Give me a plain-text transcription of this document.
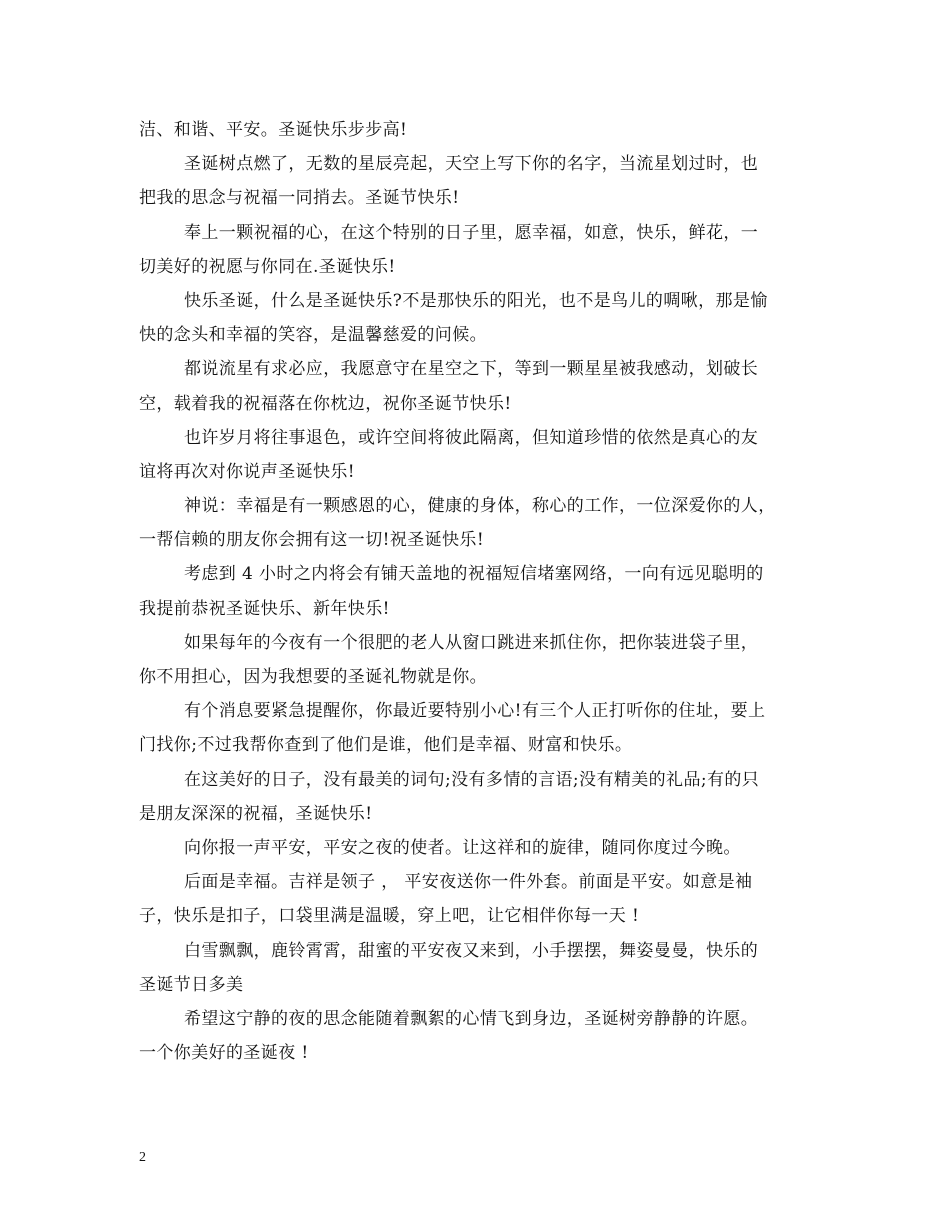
洁、和谐、平安。圣诞快乐步步高!
圣诞树点燃了，无数的星辰亮起，天空上写下你的名字，当流星划过时，也
把我的思念与祝福一同捎去。圣诞节快乐!
奉上一颗祝福的心，在这个特别的日子里，愿幸福，如意，快乐，鲜花，一
切美好的祝愿与你同在.圣诞快乐!
快乐圣诞，什么是圣诞快乐?不是那快乐的阳光，也不是鸟儿的啁啾，那是愉
快的念头和幸福的笑容，是温馨慈爱的问候。
都说流星有求必应，我愿意守在星空之下，等到一颗星星被我感动，划破长
空，载着我的祝福落在你枕边，祝你圣诞节快乐!
也许岁月将往事退色，或许空间将彼此隔离，但知道珍惜的依然是真心的友
谊将再次对你说声圣诞快乐!
神说：幸福是有一颗感恩的心，健康的身体，称心的工作，一位深爱你的人，
一帮信赖的朋友你会拥有这一切!祝圣诞快乐!
考虑到 4 小时之内将会有铺天盖地的祝福短信堵塞网络，一向有远见聪明的
我提前恭祝圣诞快乐、新年快乐!
如果每年的今夜有一个很肥的老人从窗口跳进来抓住你，把你装进袋子里，
你不用担心，因为我想要的圣诞礼物就是你。
有个消息要紧急提醒你，你最近要特别小心!有三个人正打听你的住址，要上
门找你;不过我帮你查到了他们是谁，他们是幸福、财富和快乐。
在这美好的日子，没有最美的词句;没有多情的言语;没有精美的礼品;有的只
是朋友深深的祝福，圣诞快乐!
向你报一声平安，平安之夜的使者。让这祥和的旋律，随同你度过今晚。
后面是幸福。吉祥是领子 ， 平安夜送你一件外套。前面是平安。如意是袖
子，快乐是扣子，口袋里满是温暖，穿上吧，让它相伴你每一天 !
白雪飘飘，鹿铃霄霄，甜蜜的平安夜又来到，小手摆摆，舞姿曼曼，快乐的
圣诞节日多美
希望这宁静的夜的思念能随着飘絮的心情飞到身边，圣诞树旁静静的许愿。
一个你美好的圣诞夜 !
2
